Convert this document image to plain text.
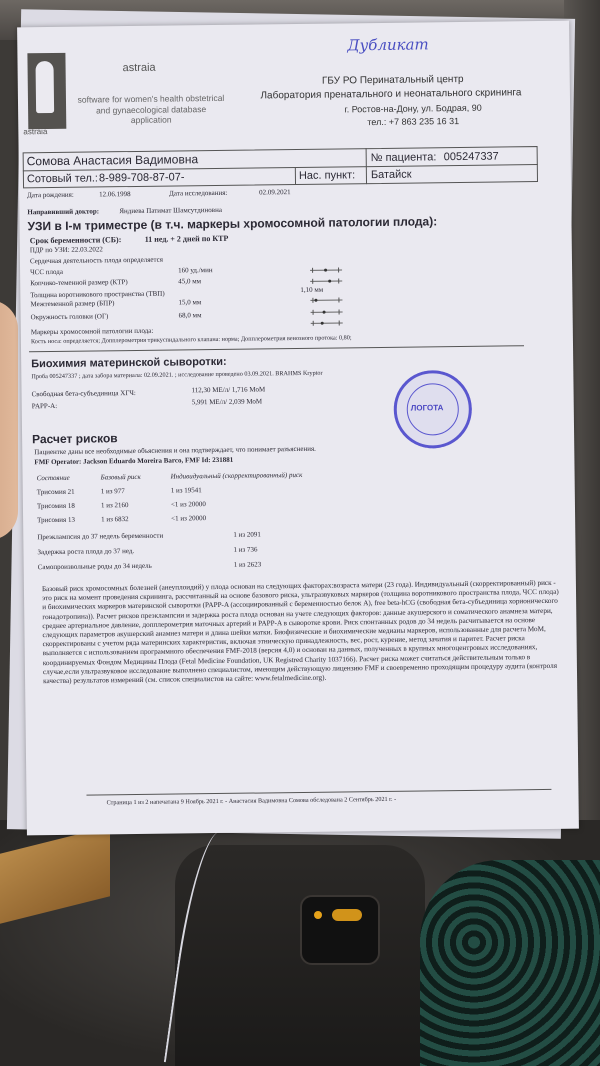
Дубликат
astraia
software for women's health obstetrical and gynaecological database application
astraia
ГБУ РО Перинатальный центр
Лаборатория пренатального и неонатального скрининга
г. Ростов-на-Дону, ул. Бодрая, 90
тел.: +7 863 235 16 31
Сомова Анастасия Вадимовна	№ пациента: 005247337
Сотовый тел.: 8-989-708-87-07-	Нас. пункт: Батайск
Дата рождения:	12.06.1998	Дата исследования:	02.09.2021
Направивший доктор:	Яндиева Патимат Шамсутдиновна
УЗИ в I-м триместре (в т.ч. маркеры хромосомной патологии плода):
Срок беременности (СБ):	11 нед. + 2 дней по КТР
ПДР по УЗИ: 22.03.2022
Сердечная деятельность плода определяется
ЧСС плода	160 уд./мин
Копчико-теменной размер (КТР)	45,0 мм
Толщина воротникового пространства (ТВП)	1,10 мм
Межтеменной размер (БПР)	15,0 мм
Окружность головки (ОГ)	68,0 мм
Маркеры хромосомной патологии плода:
Кость носа: определяется; Допплерометрия трикуспидального клапана: норма; Допплерометрия венозного протока: 0,80;
Биохимия материнской сыворотки:
Проба 005247337 ; дата забора материала: 02.09.2021. ; исследование проведено 03.09.2021. BRAHMS Kryptor
Свободная бета-субъединица ХГЧ:	112,30 МЕ/л/ 1,716 МоМ
PAPP-A:	5,991 МЕ/л/ 2,039 МоМ
ЛОГОТА
Расчет рисков
Пациентке даны все необходимые объяснения и она подтверждает, что понимает разъяснения.
FMF Operator: Jackson Eduardo Moreira Barco, FMF Id: 231881
Состояние	Базовый риск	Индивидуальный (скорректированный) риск
Трисомия 21	1 из 977	1 из 19541
Трисомия 18	1 из 2160	<1 из 20000
Трисомия 13	1 из 6832	<1 из 20000
Преэклампсия до 37 недель беременности	1 из 2091
Задержка роста плода до 37 нед.	1 из 736
Самопроизвольные роды до 34 недель	1 из 2623
Базовый риск хромосомных болезней (анеуплоидий) у плода основан на следующих факторах:возраста матери (23 года). Индивидуальный (скорректированный) риск - это риск на момент проведения скрининга, рассчитанный на основе базового риска, ультразвуковых маркеров (толщина воротникового пространства плода, ЧСС плода) и биохимических маркеров материнской сыворотки (PAPP-A (ассоциированный с беременностью белок A), free beta-hCG (свободная бета-субъединица хорионического гонадотропина)). Расчет рисков преэклампсии и задержка роста плода основан на учете следующих факторов: данные акушерского и соматического анамнеза матери, среднее артериальное давление, допплерометрия маточных артерий и PAPP-A в сыворотке крови. Риск спонтанных родов до 34 недель расчитывается на основе следующих параметров акушерский анамнез матери и длина шейки матки. Биофизические и биохимические медианы маркеров, использованные для расчета МоМ, скорректированы с учетом ряда материнских характеристик, включая этническую принадлежность, вес, рост, курение, метод зачатия и паритет. Расчет риска выполняется с использованием программного обеспечения FMF-2018 (версия 4,0) и основан на данных, полученных в крупных многоцентровых исследованиях, координируемых Фондом Медицины Плода (Fetal Medicine Foundation, UK Registred Charity 1037166). Расчет риска может считаться действительным только в случае,если ультразвуковое исследование выполнено специалистом, имеющим действующую лицензию FMF и своевременно проходящим процедуру аудита (контроля качества) результатов измерений (см. список специалистов на сайте: www.fetalmedicine.org).
Страница 1 из 2 напечатана 9 Ноябрь 2021 г. - Анастасия Вадимовна Сомова обследована 2 Сентябрь 2021 г. -
